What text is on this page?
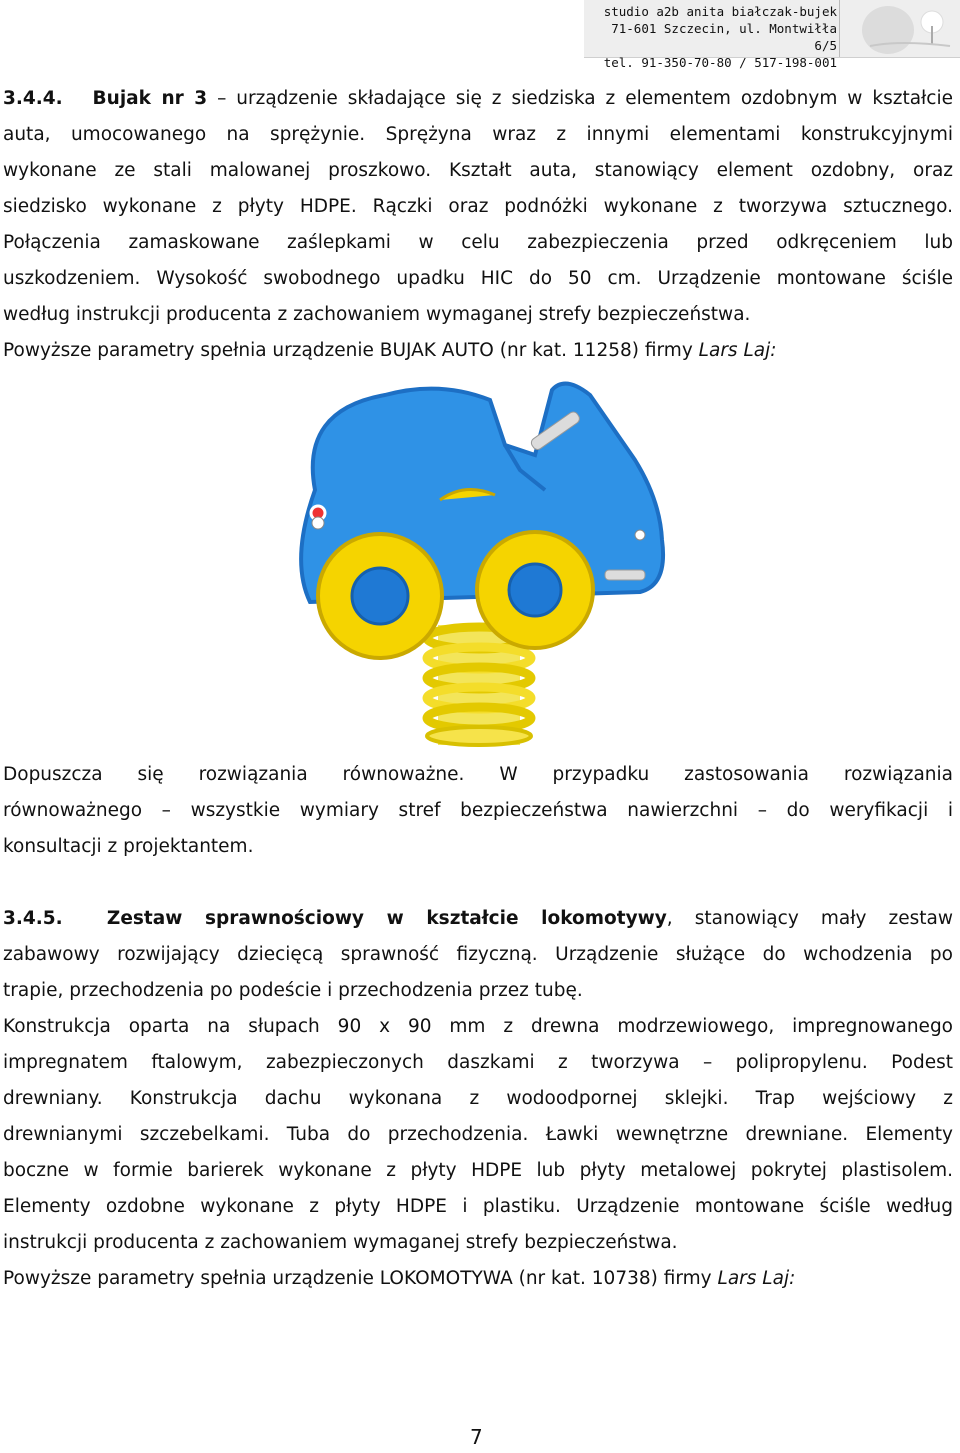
studio a2b anita białczak-bujek
71-601 Szczecin, ul. Montwiłła 6/5
tel. 91-350-70-80 / 517-198-001

3.4.4. Bujak nr 3 – urządzenie składające się z siedziska z elementem ozdobnym w kształcie

auta, umocowanego na sprężynie. Sprężyna wraz z innymi elementami konstrukcyjnymi

wykonane ze stali malowanej proszkowo. Kształt auta, stanowiący element ozdobny, oraz

siedzisko wykonane z płyty HDPE. Rączki oraz podnóżki wykonane z tworzywa sztucznego.

Połączenia zamaskowane zaślepkami w celu zabezpieczenia przed odkręceniem lub

uszkodzeniem. Wysokość swobodnego upadku HIC do 50 cm. Urządzenie montowane ściśle

według instrukcji producenta z zachowaniem wymaganej strefy bezpieczeństwa.

Powyższe parametry spełnia urządzenie BUJAK AUTO (nr kat. 11258) firmy Lars Laj:

Dopuszcza się rozwiązania równoważne. W przypadku zastosowania rozwiązania

równoważnego – wszystkie wymiary stref bezpieczeństwa nawierzchni – do weryfikacji i

konsultacji z projektantem.

3.4.5. Zestaw sprawnościowy w kształcie lokomotywy, stanowiący mały zestaw

zabawowy rozwijający dziecięcą sprawność fizyczną. Urządzenie służące do wchodzenia po

trapie, przechodzenia po podeście i przechodzenia przez tubę.

Konstrukcja oparta na słupach 90 x 90 mm z drewna modrzewiowego, impregnowanego

impregnatem ftalowym, zabezpieczonych daszkami z tworzywa – polipropylenu. Podest

drewniany. Konstrukcja dachu wykonana z wodoodpornej sklejki. Trap wejściowy z

drewnianymi szczebelkami. Tuba do przechodzenia. Ławki wewnętrzne drewniane. Elementy

boczne w formie barierek wykonane z płyty HDPE lub płyty metalowej pokrytej plastisolem.

Elementy ozdobne wykonane z płyty HDPE i plastiku. Urządzenie montowane ściśle według

instrukcji producenta z zachowaniem wymaganej strefy bezpieczeństwa.

Powyższe parametry spełnia urządzenie LOKOMOTYWA (nr kat. 10738) firmy Lars Laj:

7
